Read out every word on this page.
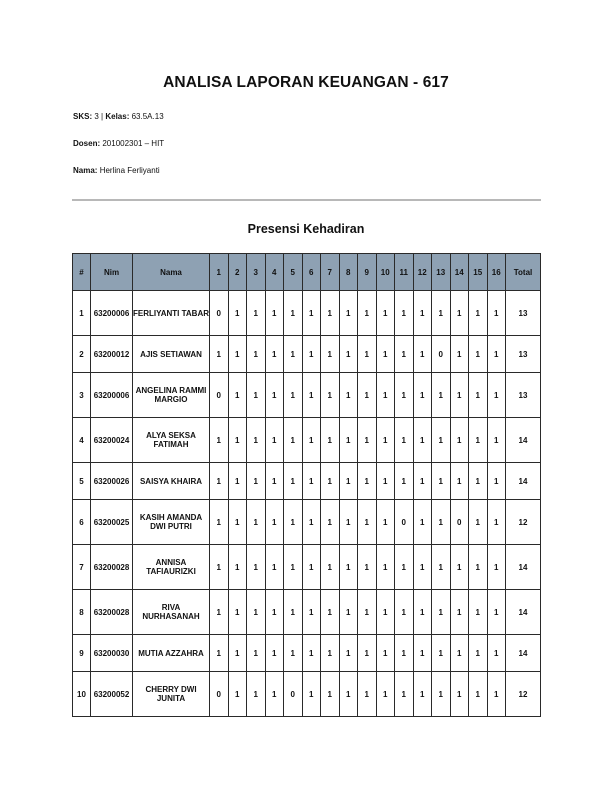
ANALISA LAPORAN KEUANGAN - 617
SKS: 3 | Kelas: 63.5A.13
Dosen: 201002301 – HIT
Nama: Herlina Ferliyanti
Presensi Kehadiran
#	Nim	Nama	1	2	3	4	5	6	7	8	9	10	11	12	13	14	15	16	Total
1	63200006	FERLIYANTI TABAR	0	1	1	1	1	1	1	1	1	1	1	1	1	1	1	1	13
2	63200012	AJIS SETIAWAN	1	1	1	1	1	1	1	1	1	1	1	1	0	1	1	1	13
3	63200006	ANGELINA RAMMI MARGIO	0	1	1	1	1	1	1	1	1	1	1	1	1	1	1	1	13
4	63200024	ALYA SEKSA FATIMAH	1	1	1	1	1	1	1	1	1	1	1	1	1	1	1	1	14
5	63200026	SAISYA KHAIRA	1	1	1	1	1	1	1	1	1	1	1	1	1	1	1	1	14
6	63200025	KASIH AMANDA DWI PUTRI	1	1	1	1	1	1	1	1	1	1	0	1	1	0	1	1	12
7	63200028	ANNISA TAFIAURIZKI	1	1	1	1	1	1	1	1	1	1	1	1	1	1	1	1	14
8	63200028	RIVA NURHASANAH	1	1	1	1	1	1	1	1	1	1	1	1	1	1	1	1	14
9	63200030	MUTIA AZZAHRA	1	1	1	1	1	1	1	1	1	1	1	1	1	1	1	1	14
10	63200052	CHERRY DWI JUNITA	0	1	1	1	0	1	1	1	1	1	1	1	1	1	1	1	12
